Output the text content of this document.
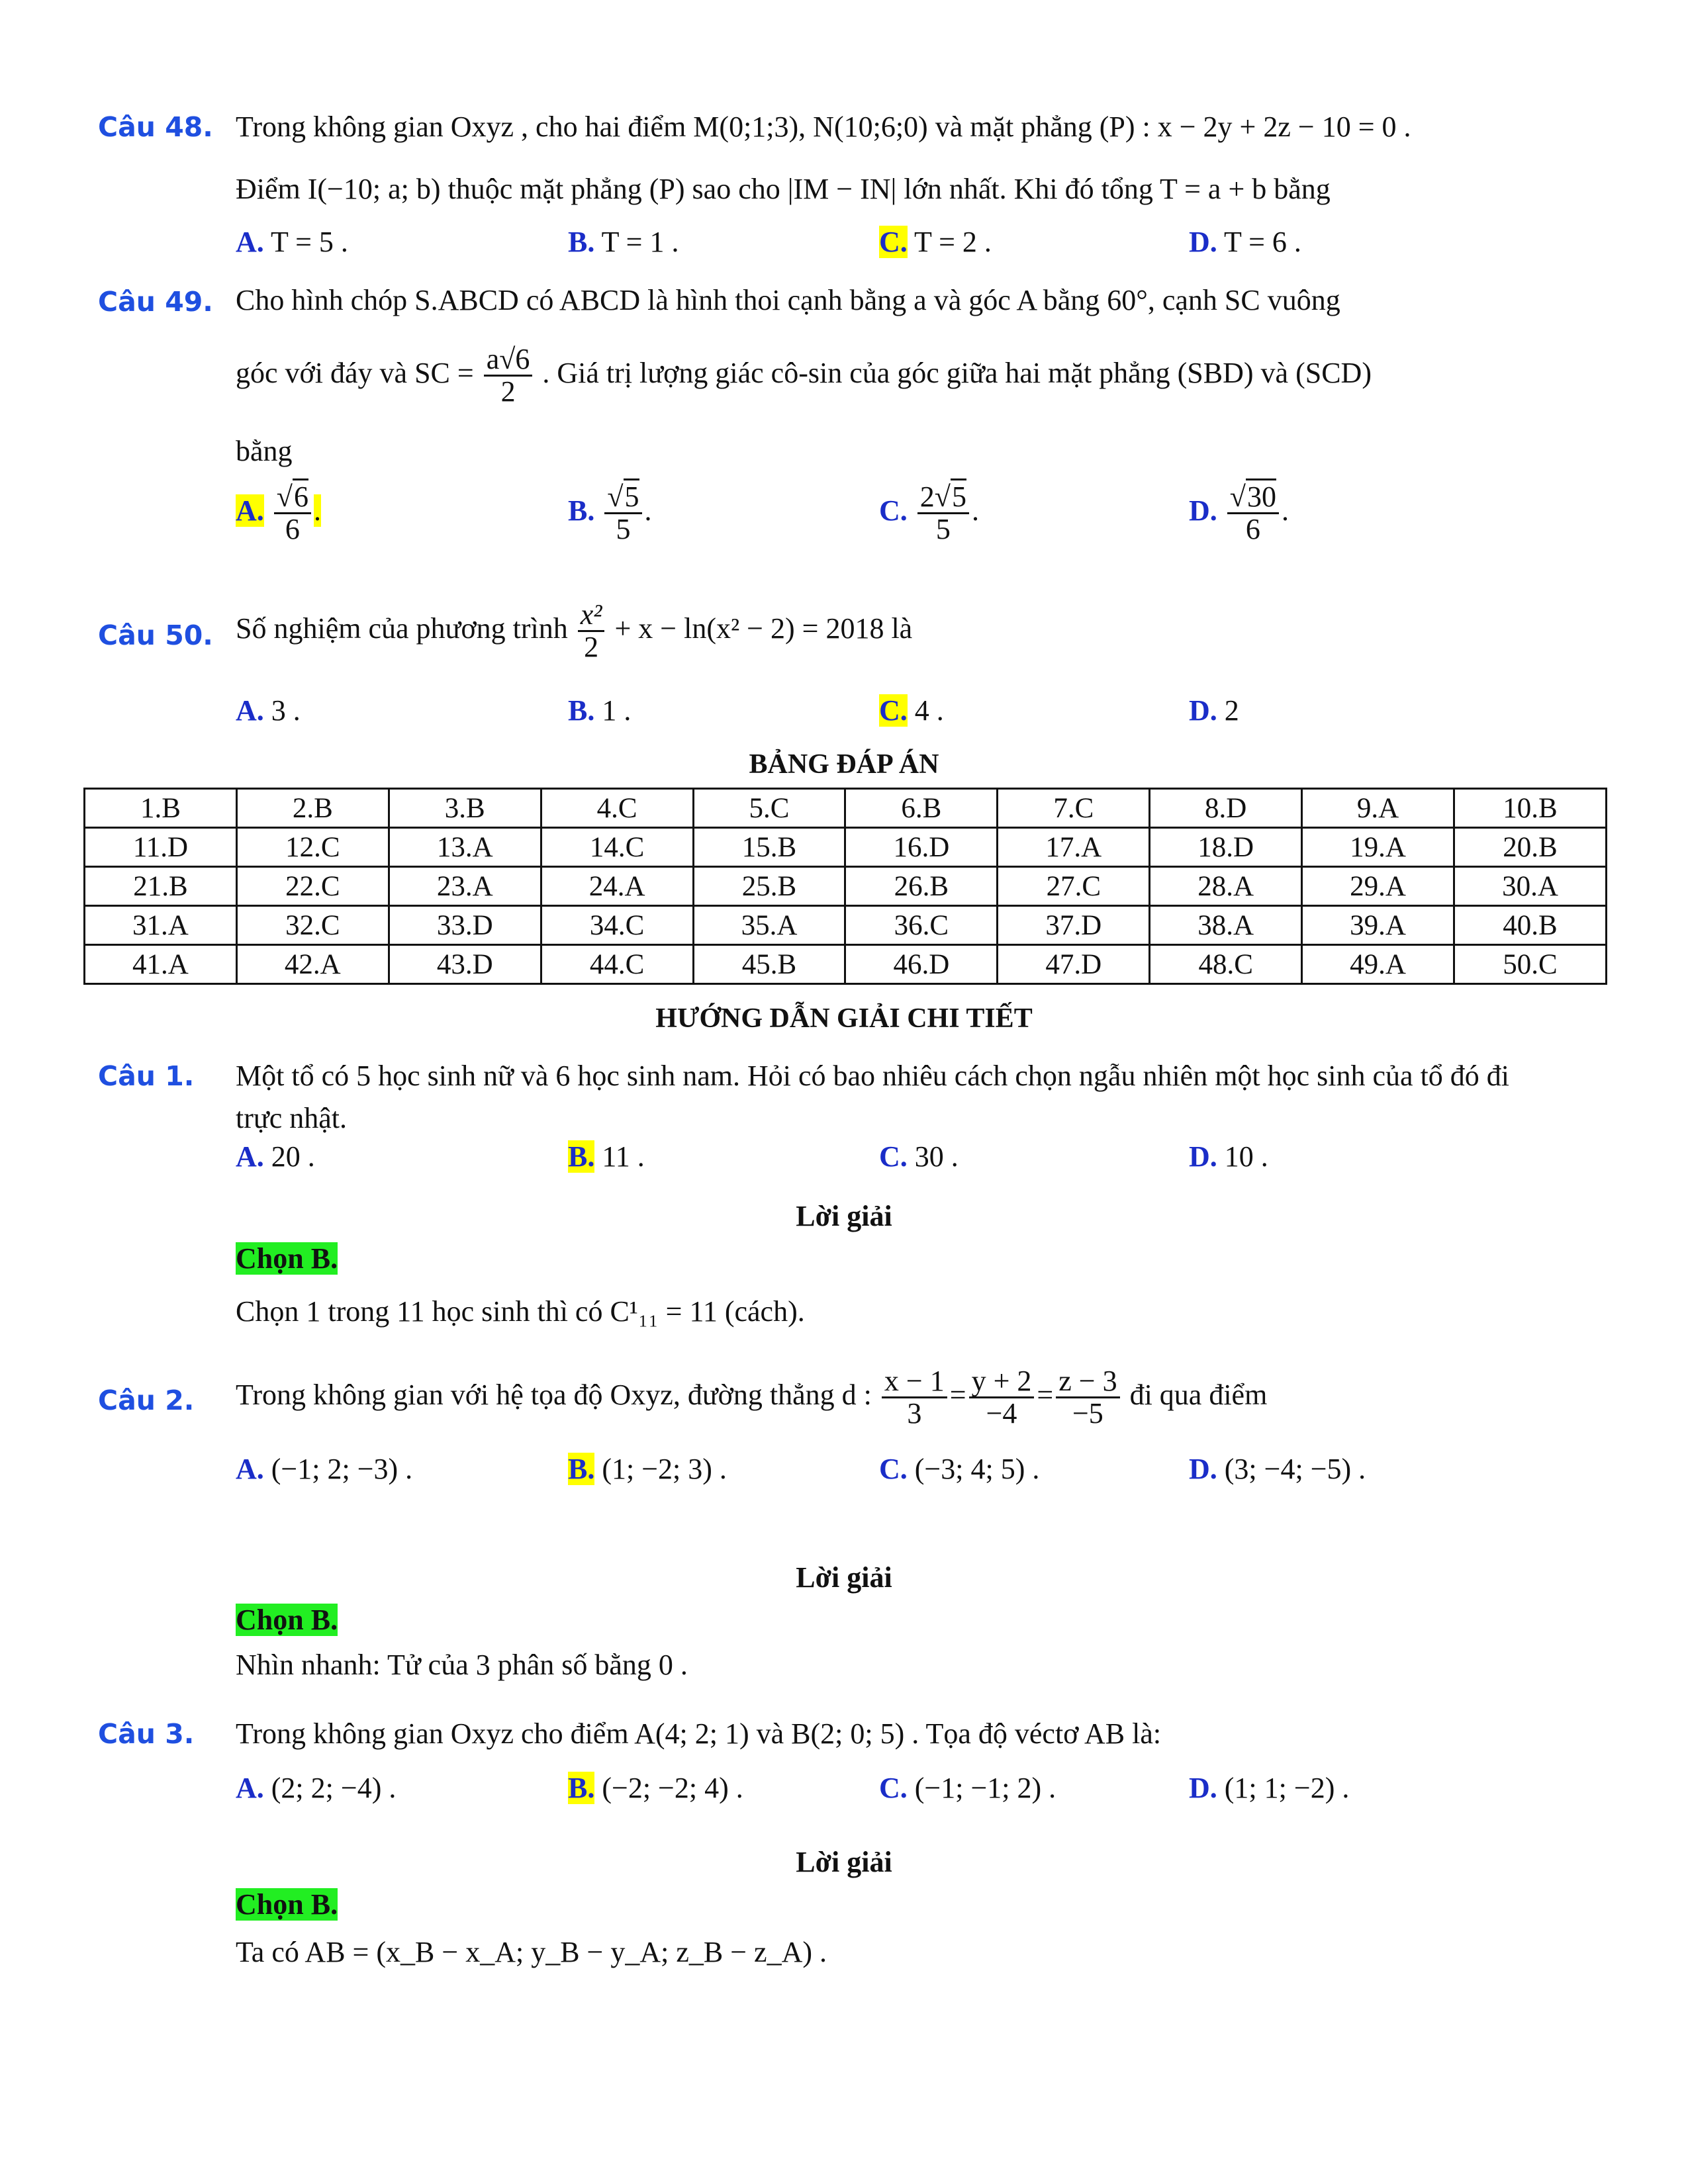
Câu 48. Trong không gian Oxyz , cho hai điểm M(0;1;3), N(10;6;0) và mặt phẳng (P) : x − 2y + 2z − 10 = 0 .
Điểm I(−10; a; b) thuộc mặt phẳng (P) sao cho |IM − IN| lớn nhất. Khi đó tổng T = a + b bằng
A. T = 5 .	B. T = 1 .	C. T = 2 .	D. T = 6 .
Câu 49. Cho hình chóp S.ABCD có ABCD là hình thoi cạnh bằng a và góc A bằng 60°, cạnh SC vuông
góc với đáy và SC = $\frac{a√6}{2}$ . Giá trị lượng giác cô-sin của góc giữa hai mặt phẳng (SBD) và (SCD)
bằng
A. $\frac{√6}{6}$ .	B. $\frac{√5}{5}$ .	C. $\frac{2√5}{5}$ .	D. $\frac{√30}{6}$ .
Câu 50. Số nghiệm của phương trình $\frac{\text{x²}}{2} + x - \ln(x^2 - 2) = 2018$ là
A. 3 .	B. 1 .	C. 4 .	D. 2
BẢNG ĐÁP ÁN
1.B	2.B	3.B	4.C	5.C	6.B	7.C	8.D	9.A	10.B
11.D	12.C	13.A	14.C	15.B	16.D	17.A	18.D	19.A	20.B
21.B	22.C	23.A	24.A	25.B	26.B	27.C	28.A	29.A	30.A
31.A	32.C	33.D	34.C	35.A	36.C	37.D	38.A	39.A	40.B
41.A	42.A	43.D	44.C	45.B	46.D	47.D	48.C	49.A	50.C
HƯỚNG DẪN GIẢI CHI TIẾT
Câu 1. Một tổ có 5 học sinh nữ và 6 học sinh nam. Hỏi có bao nhiêu cách chọn ngẫu nhiên một học sinh của tổ đó đi
trực nhật.
A. 20 .	B. 11 .	C. 30 .	D. 10 .
Lời giải
Chọn B.
Chọn 1 trong 11 học sinh thì có C¹₁₁ = 11 (cách).
Câu 2. Trong không gian với hệ tọa độ Oxyz, đường thẳng d : $\frac{x - 1}{3} = \frac{y + 2}{-4} = \frac{z - 3}{-5}$ đi qua điểm
A. (−1; 2; −3) .	B. (1; −2; 3) .	C. (−3; 4; 5) .	D. (3; −4; −5) .
Lời giải
Chọn B.
Nhìn nhanh: Tử của 3 phân số bằng 0 .
Câu 3. Trong không gian Oxyz cho điểm A(4; 2; 1) và B(2; 0; 5) . Tọa độ véctơ AB là:
A. (2; 2; −4) .	B. (−2; −2; 4) .	C. (−1; −1; 2) .	D. (1; 1; −2) .
Lời giải
Chọn B.
Ta có AB = (x_B − x_A; y_B − y_A; z_B − z_A) .
